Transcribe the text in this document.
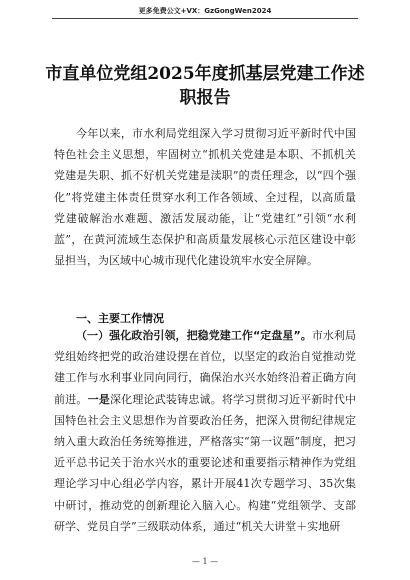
更多免费公文+VX：GzGongWen2024
市直单位党组2025年度抓基层党建工作述职报告
今年以来，市水利局党组深入学习贯彻习近平新时代中国特色社会主义思想，牢固树立“抓机关党建是本职、不抓机关党建是失职、抓不好机关党建是渎职”的责任理念，以“四个强化”将党建主体责任贯穿水利工作各领域、全过程，以高质量党建破解治水难题、激活发展动能，让“党建红”引领“水利蓝”，在黄河流域生态保护和高质量发展核心示范区建设中彰显担当，为区域中心城市现代化建设筑牢水安全屏障。
一、主要工作情况
（一）强化政治引领，把稳党建工作“定盘星”。市水利局党组始终把党的政治建设摆在首位，以坚定的政治自觉推动党建工作与水利事业同向同行，确保治水兴水始终沿着正确方向前进。一是深化理论武装铸忠诚。将学习贯彻习近平新时代中国特色社会主义思想作为首要政治任务，把深入贯彻纪律规定纳入重大政治任务统筹推进，严格落实“第一议题”制度，把习近平总书记关于治水兴水的重要论述和重要指示精神作为党组理论学习中心组必学内容，累计开展41次专题学习、35次集中研讨，推动党的创新理论入脑入心。构建“党组领学、支部研学、党员自学”三级联动体系，通过“机关大讲堂＋实地研
— 1 —
